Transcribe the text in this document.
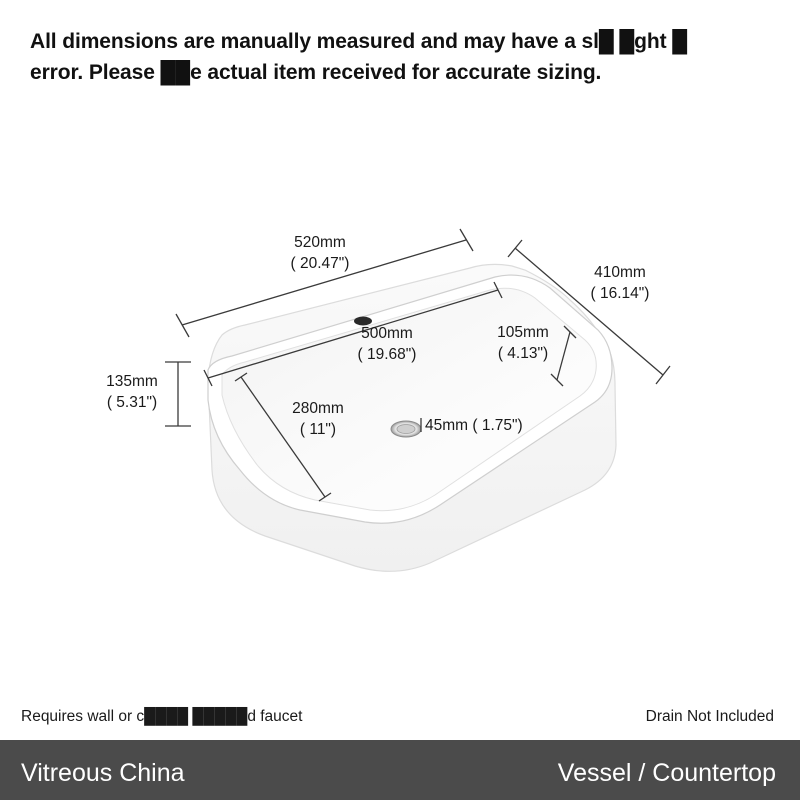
All dimensions are manually measured and may have a sl█ █ght █
error. Please ██e actual item received for accurate sizing.
520mm
( 20.47")
410mm
( 16.14")
500mm
( 19.68")
105mm
( 4.13")
135mm
( 5.31")	280mm
( 11")	45mm ( 1.75")
Requires wall or c████ █████d faucet	Drain Not Included
Vitreous China	Vessel / Countertop
